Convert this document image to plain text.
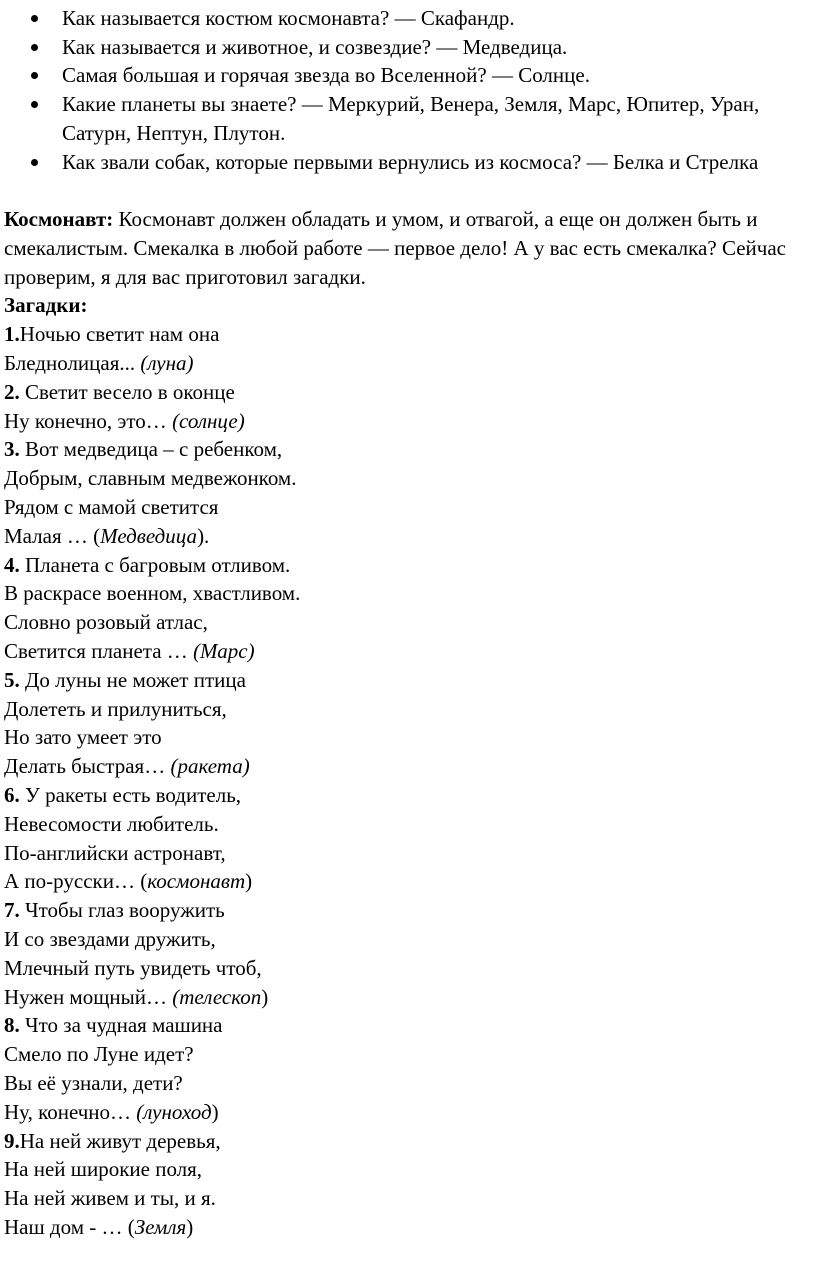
Как называется костюм космонавта? — Скафандр.
Как называется и животное, и созвездие? — Медведица.
Самая большая и горячая звезда во Вселенной? — Солнце.
Какие планеты вы знаете? — Меркурий, Венера, Земля, Марс, Юпитер, Уран, Сатурн, Нептун, Плутон.
Как звали собак, которые первыми вернулись из космоса? — Белка и Стрелка
Космонавт: Космонавт должен обладать и умом, и отвагой, а еще он должен быть и смекалистым. Смекалка в любой работе — первое дело! А у вас есть смекалка? Сейчас проверим, я для вас приготовил загадки.
Загадки:
1.Ночью светит нам она
Бледнолицая... (луна)
2. Светит весело в оконце
Ну конечно, это… (солнце)
3. Вот медведица – с ребенком,
Добрым, славным медвежонком.
Рядом с мамой светится
Малая … (Медведица).
4. Планета с багровым отливом.
В раскрасе военном, хвастливом.
Словно розовый атлас,
Светится планета … (Марс)
5. До луны не может птица
Долететь и прилуниться,
Но зато умеет это
Делать быстрая… (ракета)
6. У ракеты есть водитель,
Невесомости любитель.
По-английски астронавт,
А по-русски… (космонавт)
7. Чтобы глаз вооружить
И со звездами дружить,
Млечный путь увидеть чтоб,
Нужен мощный… (телескоп)
8. Что за чудная машина
Смело по Луне идет?
Вы её узнали, дети?
Ну, конечно… (луноход)
9.На ней живут деревья,
На ней широкие поля,
На ней живем и ты, и я.
Наш дом - … (Земля)
